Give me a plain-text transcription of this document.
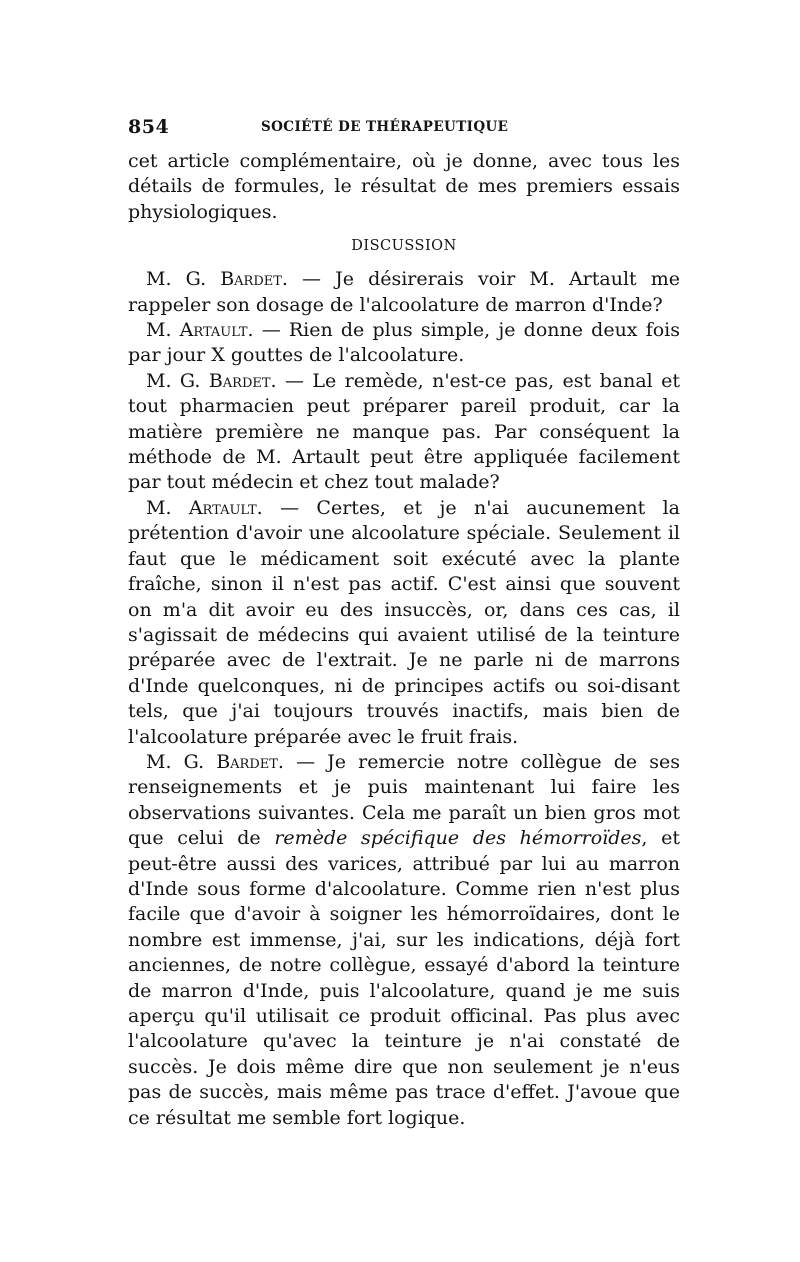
854	SOCIÉTÉ DE THÉRAPEUTIQUE

cet article complémentaire, où je donne, avec tous les détails de formules, le résultat de mes premiers essais physiologiques.

DISCUSSION

M. G. Bardet. — Je désirerais voir M. Artault me rappeler son dosage de l'alcoolature de marron d'Inde?

M. Artault. — Rien de plus simple, je donne deux fois par jour X gouttes de l'alcoolature.

M. G. Bardet. — Le remède, n'est-ce pas, est banal et tout pharmacien peut préparer pareil produit, car la matière première ne manque pas. Par conséquent la méthode de M. Artault peut être appliquée facilement par tout médecin et chez tout malade?

M. Artault. — Certes, et je n'ai aucunement la prétention d'avoir une alcoolature spéciale. Seulement il faut que le médicament soit exécuté avec la plante fraîche, sinon il n'est pas actif. C'est ainsi que souvent on m'a dit avoir eu des insuccès, or, dans ces cas, il s'agissait de médecins qui avaient utilisé de la teinture préparée avec de l'extrait. Je ne parle ni de marrons d'Inde quelconques, ni de principes actifs ou soi-disant tels, que j'ai toujours trouvés inactifs, mais bien de l'alcoolature préparée avec le fruit frais.

M. G. Bardet. — Je remercie notre collègue de ses renseignements et je puis maintenant lui faire les observations suivantes. Cela me paraît un bien gros mot que celui de remède spécifique des hémorroïdes, et peut-être aussi des varices, attribué par lui au marron d'Inde sous forme d'alcoolature. Comme rien n'est plus facile que d'avoir à soigner les hémorroïdaires, dont le nombre est immense, j'ai, sur les indications, déjà fort anciennes, de notre collègue, essayé d'abord la teinture de marron d'Inde, puis l'alcoolature, quand je me suis aperçu qu'il utilisait ce produit officinal. Pas plus avec l'alcoolature qu'avec la teinture je n'ai constaté de succès. Je dois même dire que non seulement je n'eus pas de succès, mais même pas trace d'effet. J'avoue que ce résultat me semble fort logique.
